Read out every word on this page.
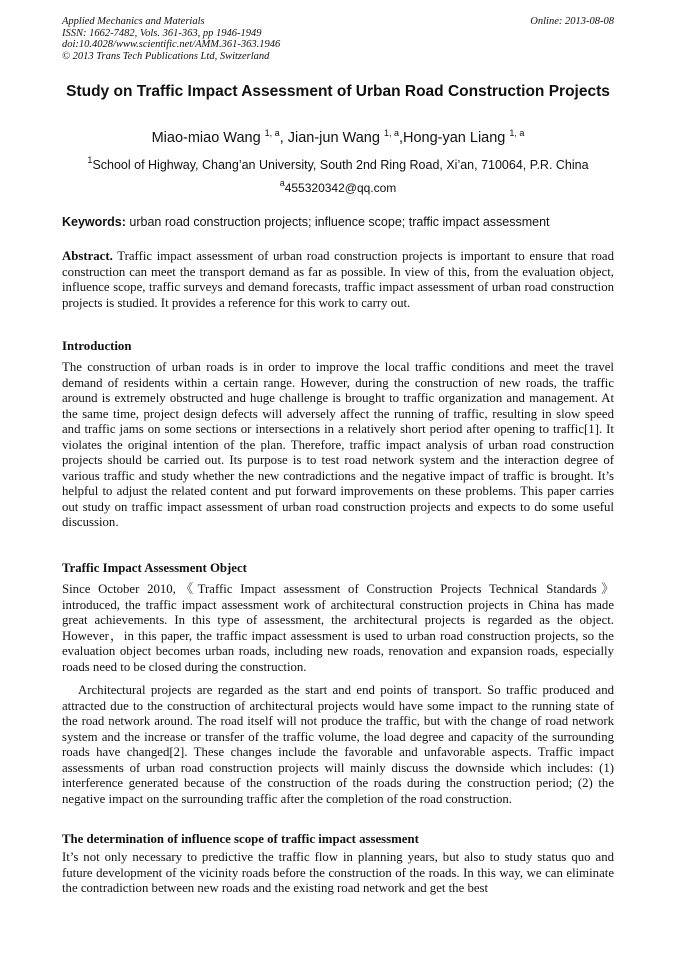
Applied Mechanics and Materials
ISSN: 1662-7482, Vols. 361-363, pp 1946-1949
doi:10.4028/www.scientific.net/AMM.361-363.1946
© 2013 Trans Tech Publications Ltd, Switzerland
Online: 2013-08-08
Study on Traffic Impact Assessment of Urban Road Construction Projects
Miao-miao Wang $^{1, a}$, Jian-jun Wang $^{1, a}$,Hong-yan Liang $^{1, a}$
$^1$School of Highway, Chang’an University, South 2nd Ring Road, Xi’an, 710064, P.R. China
$^a$455320342@qq.com
Keywords: urban road construction projects; influence scope; traffic impact assessment
Abstract. Traffic impact assessment of urban road construction projects is important to ensure that road construction can meet the transport demand as far as possible. In view of this, from the evaluation object, influence scope, traffic surveys and demand forecasts, traffic impact assessment of urban road construction projects is studied. It provides a reference for this work to carry out.
Introduction
The construction of urban roads is in order to improve the local traffic conditions and meet the travel demand of residents within a certain range. However, during the construction of new roads, the traffic around is extremely obstructed and huge challenge is brought to traffic organization and management. At the same time, project design defects will adversely affect the running of traffic, resulting in slow speed and traffic jams on some sections or intersections in a relatively short period after opening to traffic[1]. It violates the original intention of the plan. Therefore, traffic impact analysis of urban road construction projects should be carried out. Its purpose is to test road network system and the interaction degree of various traffic and study whether the new contradictions and the negative impact of traffic is brought. It’s helpful to adjust the related content and put forward improvements on these problems. This paper carries out study on traffic impact assessment of urban road construction projects and expects to do some useful discussion.
Traffic Impact Assessment Object
Since October 2010,《Traffic Impact assessment of Construction Projects Technical Standards》 introduced, the traffic impact assessment work of architectural construction projects in China has made great achievements. In this type of assessment, the architectural projects is regarded as the object. However，in this paper, the traffic impact assessment is used to urban road construction projects, so the evaluation object becomes urban roads, including new roads, renovation and expansion roads, especially roads need to be closed during the construction.
Architectural projects are regarded as the start and end points of transport. So traffic produced and attracted due to the construction of architectural projects would have some impact to the running state of the road network around. The road itself will not produce the traffic, but with the change of road network system and the increase or transfer of the traffic volume, the load degree and capacity of the surrounding roads have changed[2]. These changes include the favorable and unfavorable aspects. Traffic impact assessments of urban road construction projects will mainly discuss the downside which includes: (1) interference generated because of the construction of the roads during the construction period; (2) the negative impact on the surrounding traffic after the completion of the road construction.
The determination of influence scope of traffic impact assessment
It’s not only necessary to predictive the traffic flow in planning years, but also to study status quo and future development of the vicinity roads before the construction of the roads. In this way, we can eliminate the contradiction between new roads and the existing road network and get the best
